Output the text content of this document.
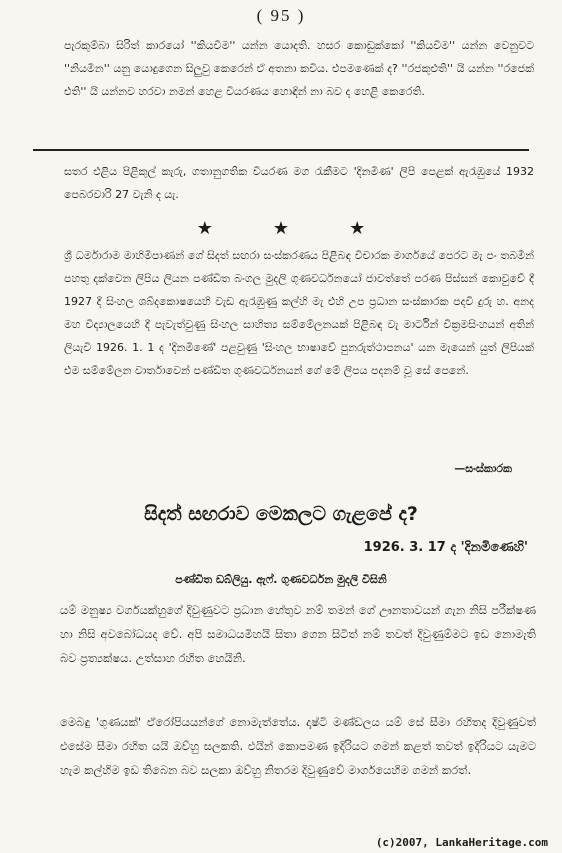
( 95 )
පැරකුම්බා සිරිත් කාරයෝ ''කියවීම'' යන්න යොදති. හසර කොඩුක්කෝ ''කියවීම'' යන්න වෙනුවට ''නියමීන'' යනු යොදුගෙන සිලුවු කෙරෙන් ඒ අතනා කවිය. එපමණෙක් ද? ''රජකුඑති'' යි යන්න ''රජෙක් එති'' යි යන්නව හරවා නමන් හෙළ වියරණය හොඳින් නා බව ද හෙළි කෙරෙති.
සතර එළිය පිළිකුල් කැරු, ගතානුගතික වියරණ මග රැකීමට 'දිනමිණ' ලිපි පෙළක් ඇරැඹුයේ 1932 පෙබරවාරි 27 වැනි ද යැ.
★	★	★
ශ්‍රී ධර්මාරාම මාහිමිපාණන් ගේ සිදත් සඟරා සංස්කරණය පිළිබඳ විචාරක මාර්ගයේ පෙරට මැ පං තබමින් පහතු දක්වෙන ලිපිය ලියන පණ්ඩිත බංගල මුදලි ගුණවර්ධනයෝ ජාවත්තේ පරණ පිස්සන් කොවුවේ දී 1927 දී සිංහල ශබ්දකොෂයෙහි වැඩ ඇරැඹුණු කල්හි මැ එහි උප ප්‍රධාන සංස්කාරක පදවි දුරු හ. අනද මහ විද්‍යාලයෙහි දී පැවැත්වුණු සිංහල සාහිත්‍ය සම්මේලනයක් පිළිබඳ වැ මාර්ටින් වික්‍රමසිංහයන් අතින් ලියැවී 1926. 1. 1 ද 'දිනමිණේ' පළවුණු 'සිංහල භාෂාවේ පුනරුත්ථාපනය' යන මැයෙන් යුත් ලිපියක් එම සම්මේලන වාර්තාවෙන් පණ්ඩිත ගුණවර්ධනයන් ගේ මේ ලිපය පදනම් වූ සේ පෙනේ.
—සංස්කාරක
සිදත් සඟරාව මෙකලට ගැළපේ ද?
1926. 3. 17 ද 'දිනමිණෙහි'
පණ්ඩිත ඩබ්ලියු. ඇෆ්. ගුණවර්ධන මුදලි විසිනි
යම් මනුෂ්‍ය වර්ගයක්හුගේ දිවුණුවට ප්‍රධාන හේතුව නම් තමන් ගේ ඌනතාවයන් ගැන නිසි පරීක්ෂණ හා නිසි අවබෝධයද වේ. අපි සමාධයමිහයි සිතා ගෙන සිටිත් නම් තවත් දිවුණුම්මට ඉඩ නොමැති බව ප්‍රත්‍යක්ෂය. උත්සාහ රහිත හෙයිනි.
මෙබඳු 'ගුණයක්' ඒරෝපියයන්ගේ නොමැත්තේය. දෘෂ්ටි මණ්ඩලය යම් සේ සීමා රහිතද දිවුණුවත් එසේම සීමා රහිත යයි ඔව්හු සලකති. එයින් කොපමණ ඉදිරියට ගමන් කළත් තවත් ඉදිරියට යැමට හැම කල්හිම ඉඩ තිබෙන බව සලකා ඔව්හු නිතරම දිවුණුවේ මාර්ගයෙහිම ගමන් කරත්.
(c)2007, LankaHeritage.com
